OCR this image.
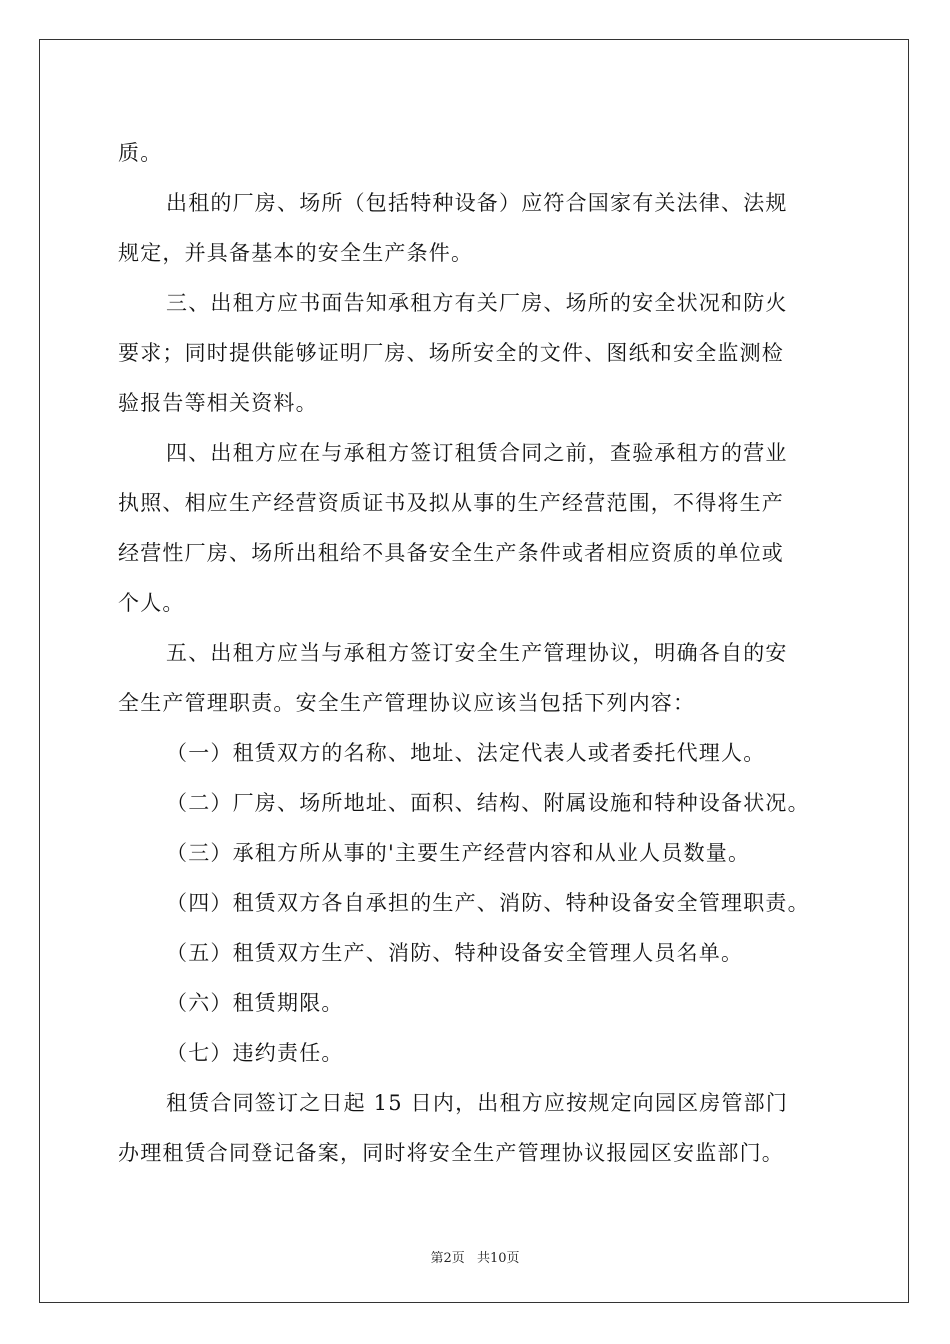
质。
出租的厂房、场所（包括特种设备）应符合国家有关法律、法规
规定，并具备基本的安全生产条件。
三、出租方应书面告知承租方有关厂房、场所的安全状况和防火
要求；同时提供能够证明厂房、场所安全的文件、图纸和安全监测检
验报告等相关资料。
四、出租方应在与承租方签订租赁合同之前，查验承租方的营业
执照、相应生产经营资质证书及拟从事的生产经营范围，不得将生产
经营性厂房、场所出租给不具备安全生产条件或者相应资质的单位或
个人。
五、出租方应当与承租方签订安全生产管理协议，明确各自的安
全生产管理职责。安全生产管理协议应该当包括下列内容：
（一）租赁双方的名称、地址、法定代表人或者委托代理人。
（二）厂房、场所地址、面积、结构、附属设施和特种设备状况。
（三）承租方所从事的'主要生产经营内容和从业人员数量。
（四）租赁双方各自承担的生产、消防、特种设备安全管理职责。
（五）租赁双方生产、消防、特种设备安全管理人员名单。
（六）租赁期限。
（七）违约责任。
租赁合同签订之日起 15 日内，出租方应按规定向园区房管部门
办理租赁合同登记备案，同时将安全生产管理协议报园区安监部门。
第2页 共10页
